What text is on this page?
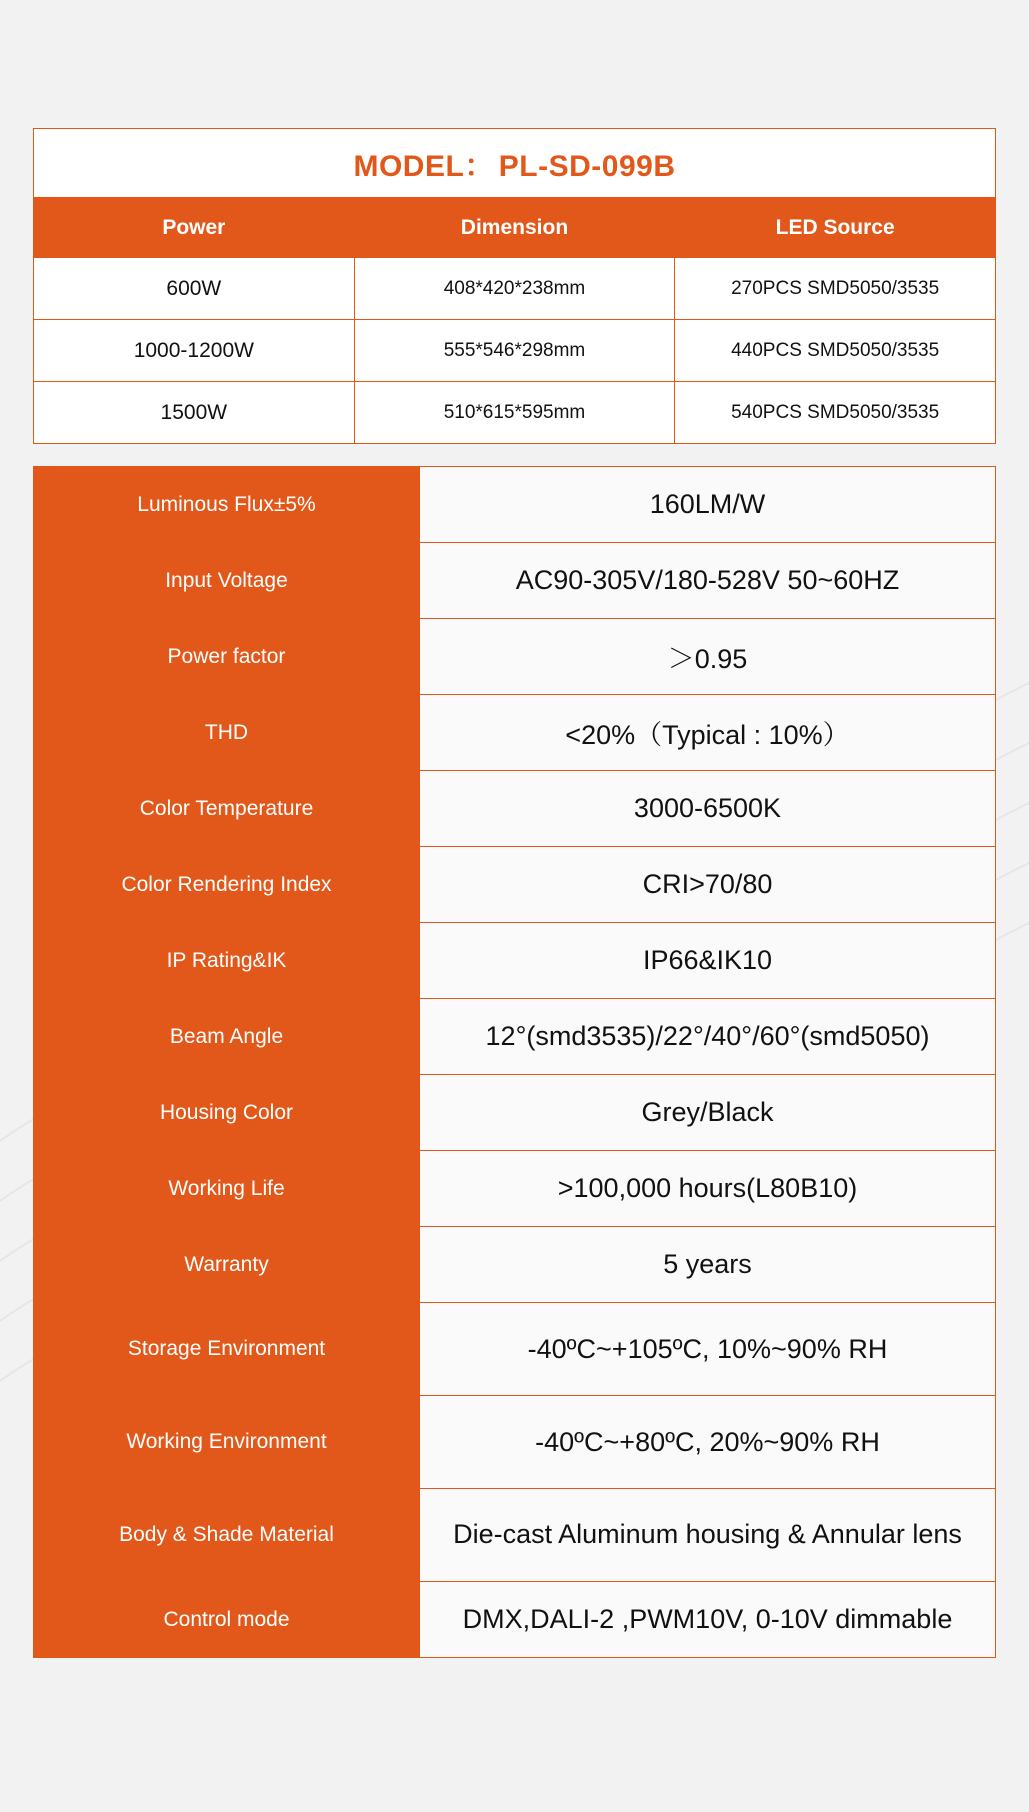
MODEL： PL-SD-099B		
Power	Dimension	LED Source
600W	408*420*238mm	270PCS SMD5050/3535
1000-1200W	555*546*298mm	440PCS SMD5050/3535
1500W	510*615*595mm	540PCS SMD5050/3535
Luminous Flux±5%	160LM/W
Input Voltage	AC90-305V/180-528V 50~60HZ
Power factor	＞0.95
THD	<20%（Typical : 10%）
Color Temperature	3000-6500K
Color Rendering Index	CRI>70/80
IP Rating&IK	IP66&IK10
Beam Angle	12°(smd3535)/22°/40°/60°(smd5050)
Housing Color	Grey/Black
Working Life	>100,000 hours(L80B10)
Warranty	5 years
Storage Environment	-40ºC~+105ºC, 10%~90% RH
Working Environment	-40ºC~+80ºC, 20%~90% RH
Body & Shade Material	Die-cast Aluminum housing & Annular lens
Control mode	DMX,DALI-2 ,PWM10V, 0-10V dimmable
